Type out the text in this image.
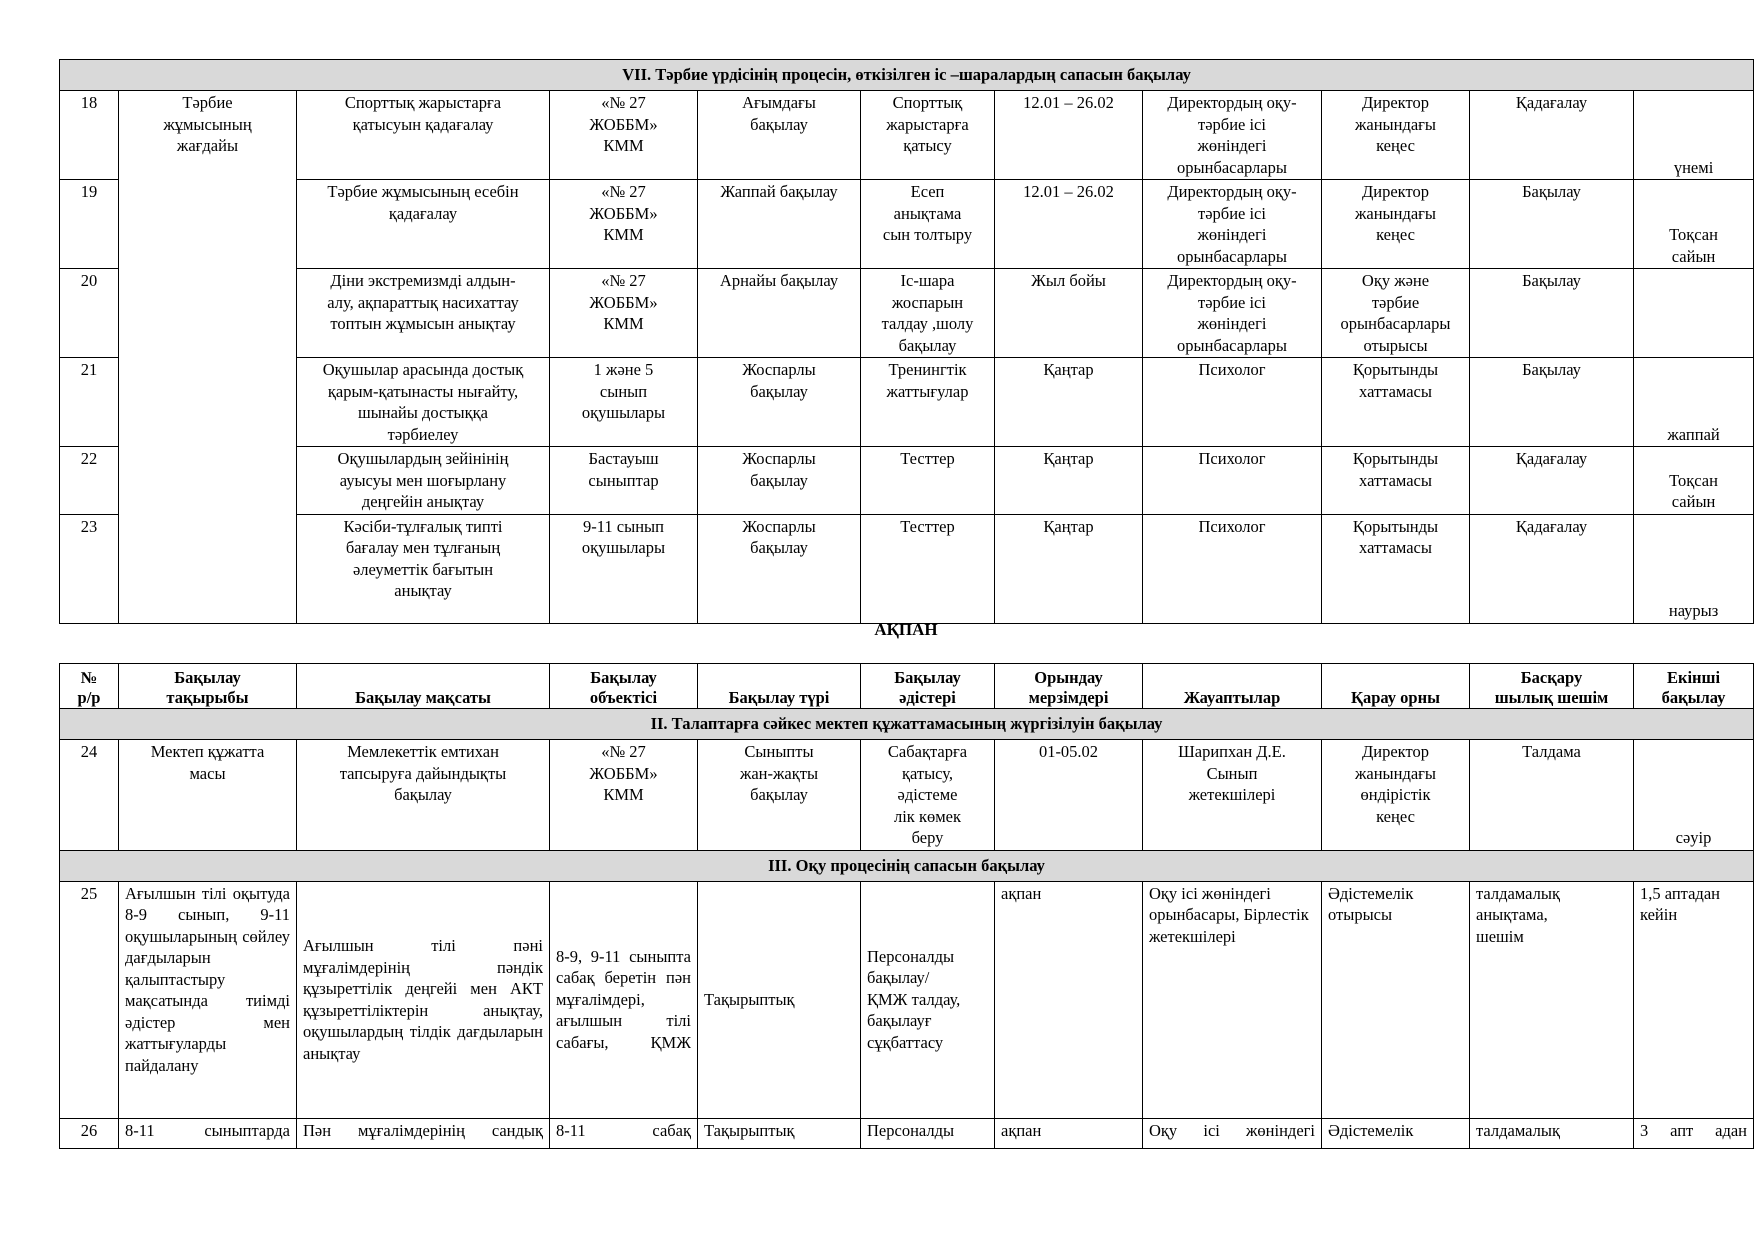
VII. Тәрбие үрдісінің процесін, өткізілген іс –шаралардың сапасын бақылау										
18	Тәрбие
жұмысының
жағдайы	Спорттық жарыстарға
қатысуын қадағалау	«№ 27
ЖОББМ»
КММ	Ағымдағы
бақылау	Спорттық
жарыстарға
қатысу	12.01 – 26.02	Директордың оқу-
тәрбие ісі
жөніндегі
орынбасарлары	Директор
жанындағы
кеңес	Қадағалау	үнемі
19		Тәрбие жұмысының есебін
қадағалау	«№ 27
ЖОББМ»
КММ	Жаппай бақылау	Есеп
анықтама
сын толтыру	12.01 – 26.02	Директордың оқу-
тәрбие ісі
жөніндегі
орынбасарлары	Директор
жанындағы
кеңес	Бақылау	Тоқсан
сайын
20		Діни экстремизмді алдын-
алу, ақпараттық насихаттау
топтын жұмысын анықтау	«№ 27
ЖОББМ»
КММ	Арнайы бақылау	Іс-шара
жоспарын
талдау ,шолу
бақылау	Жыл бойы	Директордың оқу-
тәрбие ісі
жөніндегі
орынбасарлары	Оқу және
тәрбие
орынбасарлары
отырысы	Бақылау	
21		Оқушылар арасында достық
қарым-қатынасты нығайту,
шынайы достыққа
тәрбиелеу	1 және 5
сынып
оқушылары	Жоспарлы
бақылау	Тренингтік
жаттығулар	Қаңтар	Психолог	Қорытынды
хаттамасы	Бақылау	жаппай
22		Оқушылардың зейінінің
ауысуы мен шоғырлану
деңгейін анықтау	Бастауыш
сыныптар	Жоспарлы
бақылау	Тесттер	Қаңтар	Психолог	Қорытынды
хаттамасы	Қадағалау	Тоқсан
сайын
23		Кәсіби-тұлғалық типті
бағалау мен тұлғаның
әлеуметтік бағытын
анықтау	9-11 сынып
оқушылары	Жоспарлы
бақылау	Тесттер	Қаңтар	Психолог	Қорытынды
хаттамасы	Қадағалау	наурыз
АҚПАН
№
р/р	Бақылау
тақырыбы	Бақылау мақсаты	Бақылау
объектісі	Бақылау түрі	Бақылау
әдістері	Орындау
мерзімдері	Жауаптылар	Қарау орны	Басқару
шылық шешім	Екінші
бақылау
II. Талаптарға сәйкес мектеп құжаттамасының жүргізілуін бақылау										
24	Мектеп құжатта
масы	Мемлекеттік емтихан
тапсыруға дайындықты
бақылау	«№ 27
ЖОББМ»
КММ	Сыныпты
жан-жақты
бақылау	Сабақтарға
қатысу,
әдістеме
лік көмек
беру	01-05.02	Шарипхан Д.Е.
Сынып
жетекшілері	Директор
жанындағы
өндірістік
кеңес	Талдама	сәуір
III. Оқу процесінің сапасын бақылау										
25	Ағылшын тілі оқытуда 8-9 сынып, 9-11 оқушыларының сөйлеу дағдыларын қалыптастыру мақсатында тиімді әдістер мен жаттығуларды пайдалану	Ағылшын тілі пәні мұғалімдерінің пәндік құзыреттілік деңгейі мен АКТ құзыреттіліктерін анықтау, оқушылардың тілдік дағдыларын анықтау	8-9, 9-11 сыныпта сабақ беретін пән мұғалімдері, ағылшын тілі сабағы, ҚМЖ	Тақырыптық	Персоналды
бақылау/
ҚМЖ талдау,
бақылауғ
сұқбаттасу	ақпан	Оқу ісі жөніндегі орынбасары, Бірлестік жетекшілері	Әдістемелік
отырысы	талдамалық
анықтама,
шешім	1,5 аптадан кейін
26	8-11 сыныптарда	Пән мұғалімдерінің сандық	8-11 сабақ	Тақырыптық	Персоналды	ақпан	Оқу ісі жөніндегі	Әдістемелік	талдамалық	3 апт адан
